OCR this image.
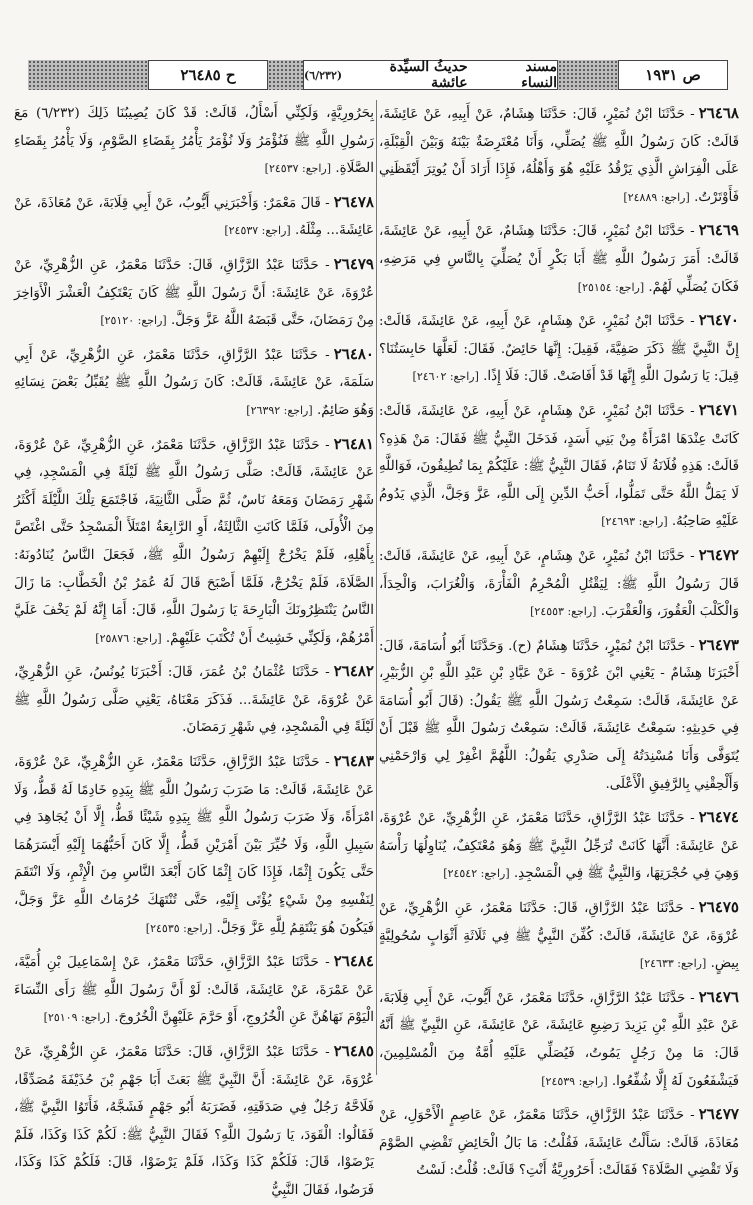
ص ١٩٣١
مسند النساء
حديثُ السيِّدة عائشة
(٦/٢٣٢)
ح ٢٦٤٨٥

٢٦٤٦٨- حَدَّثَنَا ابْنُ نُمَيْرٍ، قَالَ: حَدَّثَنَا هِشَامٌ، عَنْ أَبِيهِ، عَنْ عَائِشَةَ، قَالَتْ: كَانَ رَسُولُ اللَّهِ ﷺ يُصَلِّي، وَأَنَا مُعْتَرِضَةٌ بَيْنَهُ وَبَيْنَ الْقِبْلَةِ، عَلَى الْفِرَاشِ الَّذِي يَرْقُدُ عَلَيْهِ هُوَ وَأَهْلُهُ، فَإِذَا أَرَادَ أَنْ يُوتِرَ أَيْقَظَنِي فَأَوْتَرْتُ. [راجع: ٢٤٨٨٩]

٢٦٤٦٩- حَدَّثَنَا ابْنُ نُمَيْرٍ، قَالَ: حَدَّثَنَا هِشَامٌ، عَنْ أَبِيهِ، عَنْ عَائِشَةَ، قَالَتْ: أَمَرَ رَسُولُ اللَّهِ ﷺ أَبَا بَكْرٍ أَنْ يُصَلِّيَ بِالنَّاسِ فِي مَرَضِهِ، فَكَانَ يُصَلِّي لَهُمْ. [راجع: ٢٥١٥٤]

٢٦٤٧٠- حَدَّثَنَا ابْنُ نُمَيْرٍ، عَنْ هِشَامٍ، عَنْ أَبِيهِ، عَنْ عَائِشَةَ، قَالَتْ: إِنَّ النَّبِيَّ ﷺ ذَكَرَ صَفِيَّةَ، فَقِيلَ: إِنَّهَا حَائِضٌ. فَقَالَ: لَعَلَّهَا حَابِسَتُنَا؟ قِيلَ: يَا رَسُولَ اللَّهِ إِنَّهَا قَدْ أَفَاضَتْ. قَالَ: فَلَا إِذًا. [راجع: ٢٤٦٠٢]

٢٦٤٧١- حَدَّثَنَا ابْنُ نُمَيْرٍ، عَنْ هِشَامٍ، عَنْ أَبِيهِ، عَنْ عَائِشَةَ، قَالَتْ: كَانَتْ عِنْدَهَا امْرَأَةٌ مِنْ بَنِي أَسَدٍ، فَدَخَلَ النَّبِيُّ ﷺ فَقَالَ: مَنْ هَذِهِ؟ قَالَتْ: هَذِهِ فُلَانَةُ لَا تَنَامُ، فَقَالَ النَّبِيُّ ﷺ: عَلَيْكُمْ بِمَا تُطِيقُونَ، فَوَاللَّهِ لَا يَمَلُّ اللَّهُ حَتَّى تَمَلُّوا، أَحَبُّ الدِّينِ إِلَى اللَّهِ، عَزَّ وَجَلَّ، الَّذِي يَدُومُ عَلَيْهِ صَاحِبُهُ. [راجع: ٢٤٦٩٣]

٢٦٤٧٢- حَدَّثَنَا ابْنُ نُمَيْرٍ، عَنْ هِشَامٍ، عَنْ أَبِيهِ، عَنْ عَائِشَةَ، قَالَتْ: قَالَ رَسُولُ اللَّهِ ﷺ: لِيَقْتُلِ الْمُحْرِمُ الْفَأْرَةَ، وَالْغُرَابَ، وَالْحِدَأَ، وَالْكَلْبَ الْعَقُورَ، وَالْعَقْرَبَ. [راجع: ٢٤٥٥٣]

٢٦٤٧٣- حَدَّثَنَا ابْنُ نُمَيْرٍ، حَدَّثَنَا هِشَامٌ (ح). وَحَدَّثَنَا أَبُو أُسَامَةَ، قَالَ: أَخْبَرَنَا هِشَامٌ - يَعْنِي ابْنَ عُرْوَةَ - عَنْ عَبَّادِ بْنِ عَبْدِ اللَّهِ بْنِ الزُّبَيْرِ، عَنْ عَائِشَةَ، قَالَتْ: سَمِعْتُ رَسُولَ اللَّهِ ﷺ يَقُولُ: (قَالَ أَبُو أُسَامَةَ فِي حَدِيثِهِ: سَمِعْتُ عَائِشَةَ، قَالَتْ: سَمِعْتُ رَسُولَ اللَّهِ ﷺ قَبْلَ أَنْ يُتَوَفَّى وَأَنَا مُسْنِدَتُهُ إِلَى صَدْرِي يَقُولُ: اللَّهُمَّ اغْفِرْ لِي وَارْحَمْنِي وَأَلْحِقْنِي بِالرَّفِيقِ الْأَعْلَى.

٢٦٤٧٤- حَدَّثَنَا عَبْدُ الرَّزَّاقِ، حَدَّثَنَا مَعْمَرٌ، عَنِ الزُّهْرِيِّ، عَنْ عُرْوَةَ، عَنْ عَائِشَةَ: أَنَّهَا كَانَتْ تُرَجِّلُ النَّبِيَّ ﷺ وَهُوَ مُعْتَكِفٌ، يُنَاوِلُهَا رَأْسَهُ وَهِيَ فِي حُجْرَتِهَا، وَالنَّبِيُّ ﷺ فِي الْمَسْجِدِ. [راجع: ٢٤٥٤٢]

٢٦٤٧٥- حَدَّثَنَا عَبْدُ الرَّزَّاقِ، قَالَ: حَدَّثَنَا مَعْمَرٌ، عَنِ الزُّهْرِيِّ، عَنْ عُرْوَةَ، عَنْ عَائِشَةَ، قَالَتْ: كُفِّنَ النَّبِيُّ ﷺ فِي ثَلَاثَةِ أَثْوَابٍ سُحُولِيَّةٍ بِيضٍ. [راجع: ٢٤٦٣٣]

٢٦٤٧٦- حَدَّثَنَا عَبْدُ الرَّزَّاقِ، حَدَّثَنَا مَعْمَرٌ، عَنْ أَيُّوبَ، عَنْ أَبِي قِلَابَةَ، عَنْ عَبْدِ اللَّهِ بْنِ يَزِيدَ رَضِيعِ عَائِشَةَ، عَنْ عَائِشَةَ، عَنِ النَّبِيِّ ﷺ أَنَّهُ قَالَ: مَا مِنْ رَجُلٍ يَمُوتُ، فَيُصَلِّي عَلَيْهِ أُمَّةٌ مِنَ الْمُسْلِمِينَ، فَيَشْفَعُونَ لَهُ إِلَّا شُفِّعُوا. [راجع: ٢٤٥٣٩]

٢٦٤٧٧- حَدَّثَنَا عَبْدُ الرَّزَّاقِ، حَدَّثَنَا مَعْمَرٌ، عَنْ عَاصِمٍ الْأَحْوَلِ، عَنْ مُعَاذَةَ، قَالَتْ: سَأَلْتُ عَائِشَةَ، فَقُلْتُ: مَا بَالُ الْحَائِضِ تَقْضِي الصَّوْمَ وَلَا تَقْضِي الصَّلَاةَ؟ فَقَالَتْ: أَحَرُورِيَّةٌ أَنْتِ؟ قَالَتْ: قُلْتُ: لَسْتُ

بِحَرُورِيَّةٍ، وَلَكِنِّي أَسْأَلُ، قَالَتْ: قَدْ كَانَ يُصِيبُنَا ذَلِكَ (٦/٢٣٢) مَعَ رَسُولِ اللَّهِ ﷺ فَنُؤْمَرُ وَلَا نُؤْمَرُ يَأْمُرُ بِقَضَاءِ الصَّوْمِ، وَلَا يَأْمُرُ بِقَضَاءِ الصَّلَاةِ. [راجع: ٢٤٥٣٧]

٢٦٤٧٨- قَالَ مَعْمَرٌ: وَأَخْبَرَنِي أَيُّوبُ، عَنْ أَبِي قِلَابَةَ، عَنْ مُعَاذَةَ، عَنْ عَائِشَةَ... مِثْلَهُ. [راجع: ٢٤٥٣٧]

٢٦٤٧٩- حَدَّثَنَا عَبْدُ الرَّزَّاقِ، قَالَ: حَدَّثَنَا مَعْمَرٌ، عَنِ الزُّهْرِيِّ، عَنْ عُرْوَةَ، عَنْ عَائِشَةَ: أَنَّ رَسُولَ اللَّهِ ﷺ كَانَ يَعْتَكِفُ الْعَشْرَ الْأَوَاخِرَ مِنْ رَمَضَانَ، حَتَّى قَبَضَهُ اللَّهُ عَزَّ وَجَلَّ. [راجع: ٢٥١٢٠]

٢٦٤٨٠- حَدَّثَنَا عَبْدُ الرَّزَّاقِ، حَدَّثَنَا مَعْمَرٌ، عَنِ الزُّهْرِيِّ، عَنْ أَبِي سَلَمَةَ، عَنْ عَائِشَةَ، قَالَتْ: كَانَ رَسُولُ اللَّهِ ﷺ يُقَبِّلُ بَعْضَ نِسَائِهِ وَهُوَ صَائِمٌ. [راجع: ٢٦٣٩٢]

٢٦٤٨١- حَدَّثَنَا عَبْدُ الرَّزَّاقِ، حَدَّثَنَا مَعْمَرٌ، عَنِ الزُّهْرِيِّ، عَنْ عُرْوَةَ، عَنْ عَائِشَةَ، قَالَتْ: صَلَّى رَسُولُ اللَّهِ ﷺ لَيْلَةً فِي الْمَسْجِدِ، فِي شَهْرِ رَمَضَانَ وَمَعَهُ نَاسٌ، ثُمَّ صَلَّى الثَّانِيَةَ، فَاجْتَمَعَ تِلْكَ اللَّيْلَةَ أَكْثَرُ مِنَ الْأُولَى، فَلَمَّا كَانَتِ الثَّالِثَةُ، أَوِ الرَّابِعَةُ امْتَلَأَ الْمَسْجِدُ حَتَّى اغْتَصَّ بِأَهْلِهِ، فَلَمْ يَخْرُجْ إِلَيْهِمْ رَسُولُ اللَّهِ ﷺ، فَجَعَلَ النَّاسُ يُنَادُونَهُ: الصَّلَاةَ، فَلَمْ يَخْرُجْ، فَلَمَّا أَصْبَحَ قَالَ لَهُ عُمَرُ بْنُ الْخَطَّابِ: مَا زَالَ النَّاسُ يَنْتَظِرُونَكَ الْبَارِحَةَ يَا رَسُولَ اللَّهِ، قَالَ: أَمَا إِنَّهُ لَمْ يَخْفَ عَلَيَّ أَمْرُهُمْ، وَلَكِنِّي خَشِيتُ أَنْ تُكْتَبَ عَلَيْهِمْ. [راجع: ٢٥٨٧٦]

٢٦٤٨٢- حَدَّثَنَا عُثْمَانُ بْنُ عُمَرَ، قَالَ: أَخْبَرَنَا يُونُسُ، عَنِ الزُّهْرِيِّ، عَنْ عُرْوَةَ، عَنْ عَائِشَةَ... فَذَكَرَ مَعْنَاهُ، يَعْنِي صَلَّى رَسُولُ اللَّهِ ﷺ لَيْلَةً فِي الْمَسْجِدِ، فِي شَهْرِ رَمَضَانَ.

٢٦٤٨٣- حَدَّثَنَا عَبْدُ الرَّزَّاقِ، حَدَّثَنَا مَعْمَرٌ، عَنِ الزُّهْرِيِّ، عَنْ عُرْوَةَ، عَنْ عَائِشَةَ، قَالَتْ: مَا ضَرَبَ رَسُولُ اللَّهِ ﷺ بِيَدِهِ خَادِمًا لَهُ قَطُّ، وَلَا امْرَأَةً، وَلَا ضَرَبَ رَسُولُ اللَّهِ ﷺ بِيَدِهِ شَيْئًا قَطُّ، إِلَّا أَنْ يُجَاهِدَ فِي سَبِيلِ اللَّهِ، وَلَا خُيِّرَ بَيْنَ أَمْرَيْنِ قَطُّ، إِلَّا كَانَ أَحَبُّهُمَا إِلَيْهِ أَيْسَرَهُمَا حَتَّى يَكُونَ إِثْمًا، فَإِذَا كَانَ إِثْمًا كَانَ أَبْعَدَ النَّاسِ مِنَ الْإِثْمِ، وَلَا انْتَقَمَ لِنَفْسِهِ مِنْ شَيْءٍ يُؤْتَى إِلَيْهِ، حَتَّى تُنْتَهَكَ حُرُمَاتُ اللَّهِ عَزَّ وَجَلَّ، فَيَكُونَ هُوَ يَنْتَقِمُ لِلَّهِ عَزَّ وَجَلَّ. [راجع: ٢٤٥٣٥]

٢٦٤٨٤- حَدَّثَنَا عَبْدُ الرَّزَّاقِ، حَدَّثَنَا مَعْمَرٌ، عَنْ إِسْمَاعِيلَ بْنِ أُمَيَّةَ، عَنْ عَمْرَةَ، عَنْ عَائِشَةَ، قَالَتْ: لَوْ أَنَّ رَسُولَ اللَّهِ ﷺ رَأَى النِّسَاءَ الْيَوْمَ نَهَاهُنَّ عَنِ الْخُرُوجِ، أَوْ حَرَّمَ عَلَيْهِنَّ الْخُرُوجَ. [راجع: ٢٥١٠٩]

٢٦٤٨٥- حَدَّثَنَا عَبْدُ الرَّزَّاقِ، قَالَ: حَدَّثَنَا مَعْمَرٌ، عَنِ الزُّهْرِيِّ، عَنْ عُرْوَةَ، عَنْ عَائِشَةَ: أَنَّ النَّبِيَّ ﷺ بَعَثَ أَبَا جَهْمِ بْنَ حُذَيْفَةَ مُصَدِّقًا، فَلَاحَّهُ رَجُلٌ فِي صَدَقَتِهِ، فَضَرَبَهُ أَبُو جَهْمٍ فَشَجَّهُ، فَأَتَوُا النَّبِيَّ ﷺ، فَقَالُوا: الْقَوَدَ، يَا رَسُولَ اللَّهِ؟ فَقَالَ النَّبِيُّ ﷺ: لَكُمْ كَذَا وَكَذَا، فَلَمْ يَرْضَوْا، قَالَ: فَلَكُمْ كَذَا وَكَذَا، فَلَمْ يَرْضَوْا، قَالَ: فَلَكُمْ كَذَا وَكَذَا، فَرَضُوا، فَقَالَ النَّبِيُّ
